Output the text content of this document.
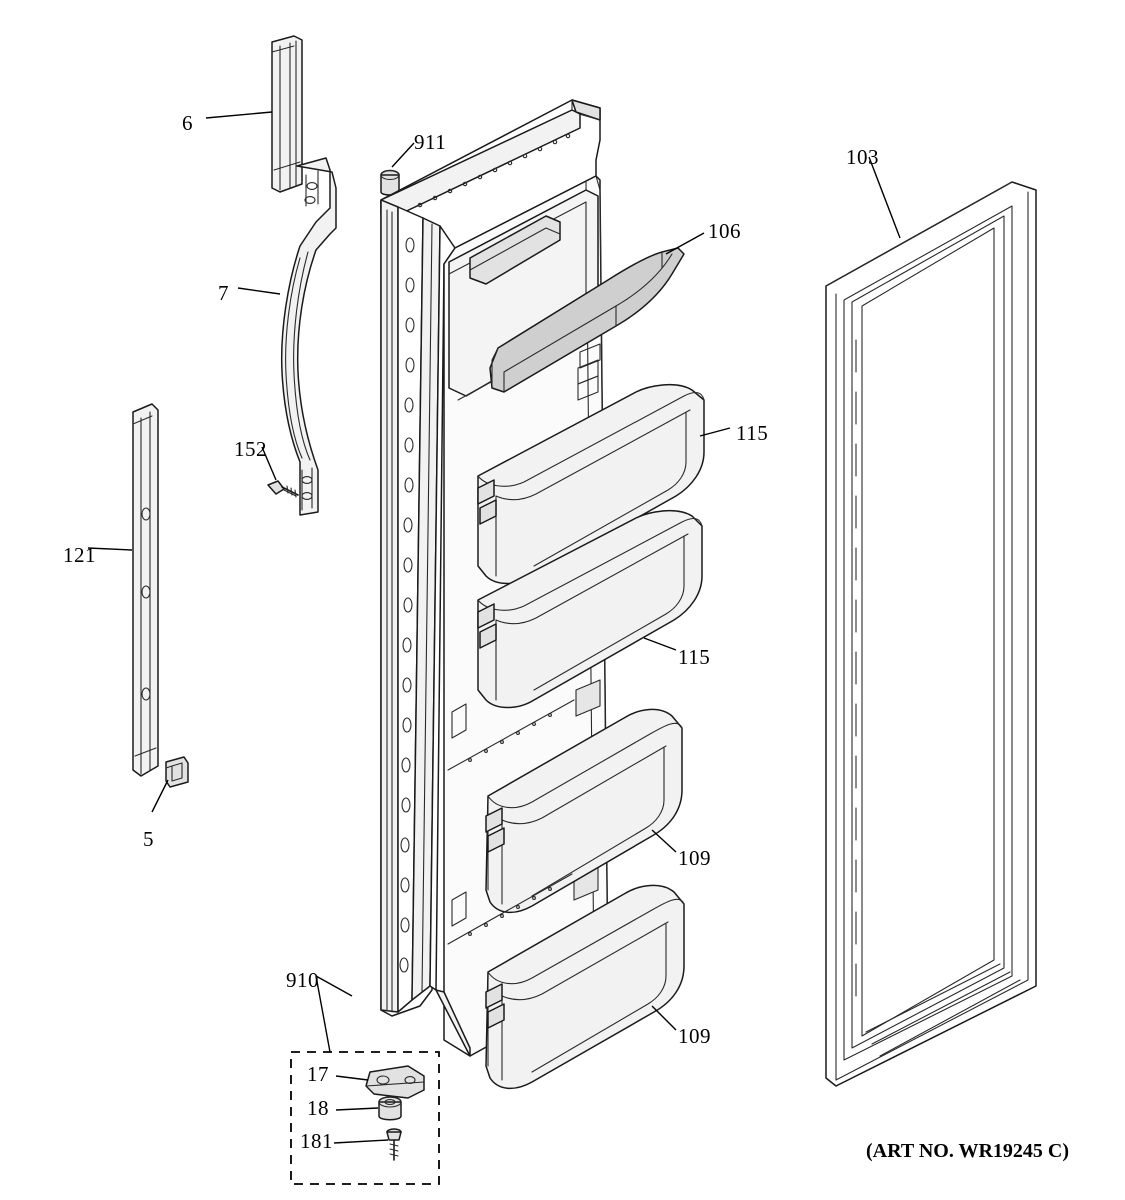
6
911
106
103
7
115
152
121
115
5
109
910
109
17
18
181	(ART NO. WR19245 C)
